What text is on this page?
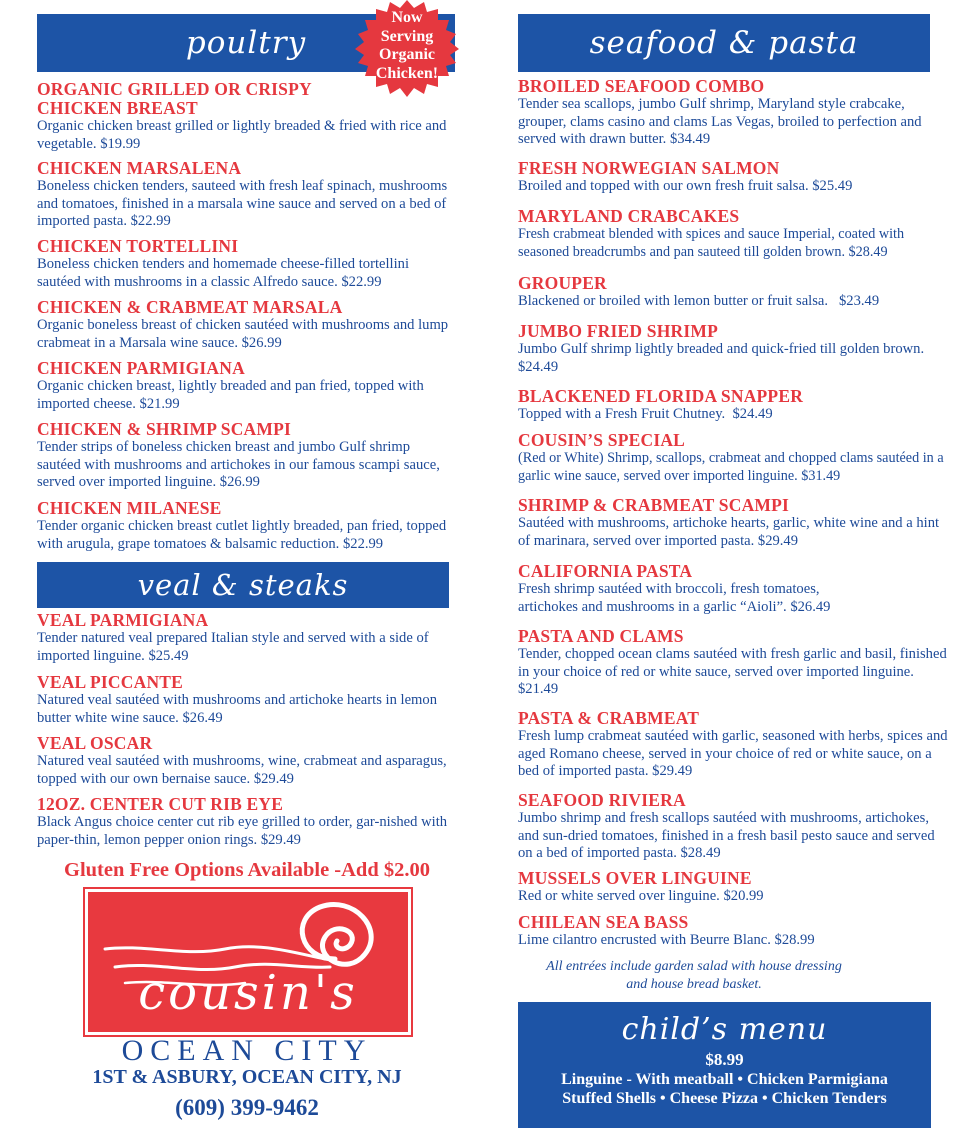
poultry
ORGANIC GRILLED OR CRISPY
CHICKEN BREAST
Organic chicken breast grilled or lightly breaded & fried with rice and vegetable. $19.99
CHICKEN MARSALENA
Boneless chicken tenders, sauteed with fresh leaf spinach, mushrooms and tomatoes, finished in a marsala wine sauce and served on a bed of imported pasta. $22.99
CHICKEN TORTELLINI
Boneless chicken tenders and homemade cheese-filled tortellini sautéed with mushrooms in a classic Alfredo sauce. $22.99
CHICKEN & CRABMEAT MARSALA
Organic boneless breast of chicken sautéed with mushrooms and lump crabmeat in a Marsala wine sauce. $26.99
CHICKEN PARMIGIANA
Organic chicken breast, lightly breaded and pan fried, topped with imported cheese. $21.99
CHICKEN & SHRIMP SCAMPI
Tender strips of boneless chicken breast and jumbo Gulf shrimp sautéed with mushrooms and artichokes in our famous scampi sauce, served over imported linguine. $26.99
CHICKEN MILANESE
Tender organic chicken breast cutlet lightly breaded, pan fried, topped with arugula, grape tomatoes & balsamic reduction. $22.99
veal & steaks
VEAL PARMIGIANA
Tender natured veal prepared Italian style and served with a side of imported linguine. $25.49
VEAL PICCANTE
Natured veal sautéed with mushrooms and artichoke hearts in lemon butter white wine sauce. $26.49
VEAL OSCAR
Natured veal sautéed with mushrooms, wine, crabmeat and asparagus, topped with our own bernaise sauce. $29.49
12OZ. CENTER CUT RIB EYE
Black Angus choice center cut rib eye grilled to order, gar-nished with paper-thin, lemon pepper onion rings. $29.49
Now
Serving
Organic
Chicken!
Gluten Free Options Available -Add $2.00
cousin's
OCEAN CITY
1ST & ASBURY, OCEAN CITY, NJ
(609) 399-9462
seafood & pasta
BROILED SEAFOOD COMBO
Tender sea scallops, jumbo Gulf shrimp, Maryland style crabcake, grouper, clams casino and clams Las Vegas, broiled to perfection and served with drawn butter. $34.49
FRESH NORWEGIAN SALMON
Broiled and topped with our own fresh fruit salsa. $25.49
MARYLAND CRABCAKES
Fresh crabmeat blended with spices and sauce Imperial, coated with seasoned breadcrumbs and pan sauteed till golden brown. $28.49
GROUPER
Blackened or broiled with lemon butter or fruit salsa.   $23.49
JUMBO FRIED SHRIMP
Jumbo Gulf shrimp lightly breaded and quick-fried till golden brown. $24.49
BLACKENED FLORIDA SNAPPER
Topped with a Fresh Fruit Chutney.  $24.49
COUSIN’S SPECIAL
(Red or White) Shrimp, scallops, crabmeat and chopped clams sautéed in a garlic wine sauce, served over imported linguine. $31.49
SHRIMP & CRABMEAT SCAMPI
Sautéed with mushrooms, artichoke hearts, garlic, white wine and a hint of marinara, served over imported pasta. $29.49
CALIFORNIA PASTA
Fresh shrimp sautéed with broccoli, fresh tomatoes, artichokes and mushrooms in a garlic “Aioli”. $26.49
PASTA AND CLAMS
Tender, chopped ocean clams sautéed with fresh garlic and basil, finished in your choice of red or white sauce, served over imported linguine. $21.49
PASTA & CRABMEAT
Fresh lump crabmeat sautéed with garlic, seasoned with herbs, spices and aged Romano cheese, served in your choice of red or white sauce, on a bed of imported pasta. $29.49
SEAFOOD RIVIERA
Jumbo shrimp and fresh scallops sautéed with mushrooms, artichokes, and sun-dried tomatoes, finished in a fresh basil pesto sauce and served on a bed of imported pasta. $28.49
MUSSELS OVER LINGUINE
Red or white served over linguine. $20.99
CHILEAN SEA BASS
Lime cilantro encrusted with Beurre Blanc. $28.99
All entrées include garden salad with house dressing
and house bread basket.
child’s menu
$8.99
Linguine - With meatball • Chicken Parmigiana
Stuffed Shells • Cheese Pizza • Chicken Tenders
